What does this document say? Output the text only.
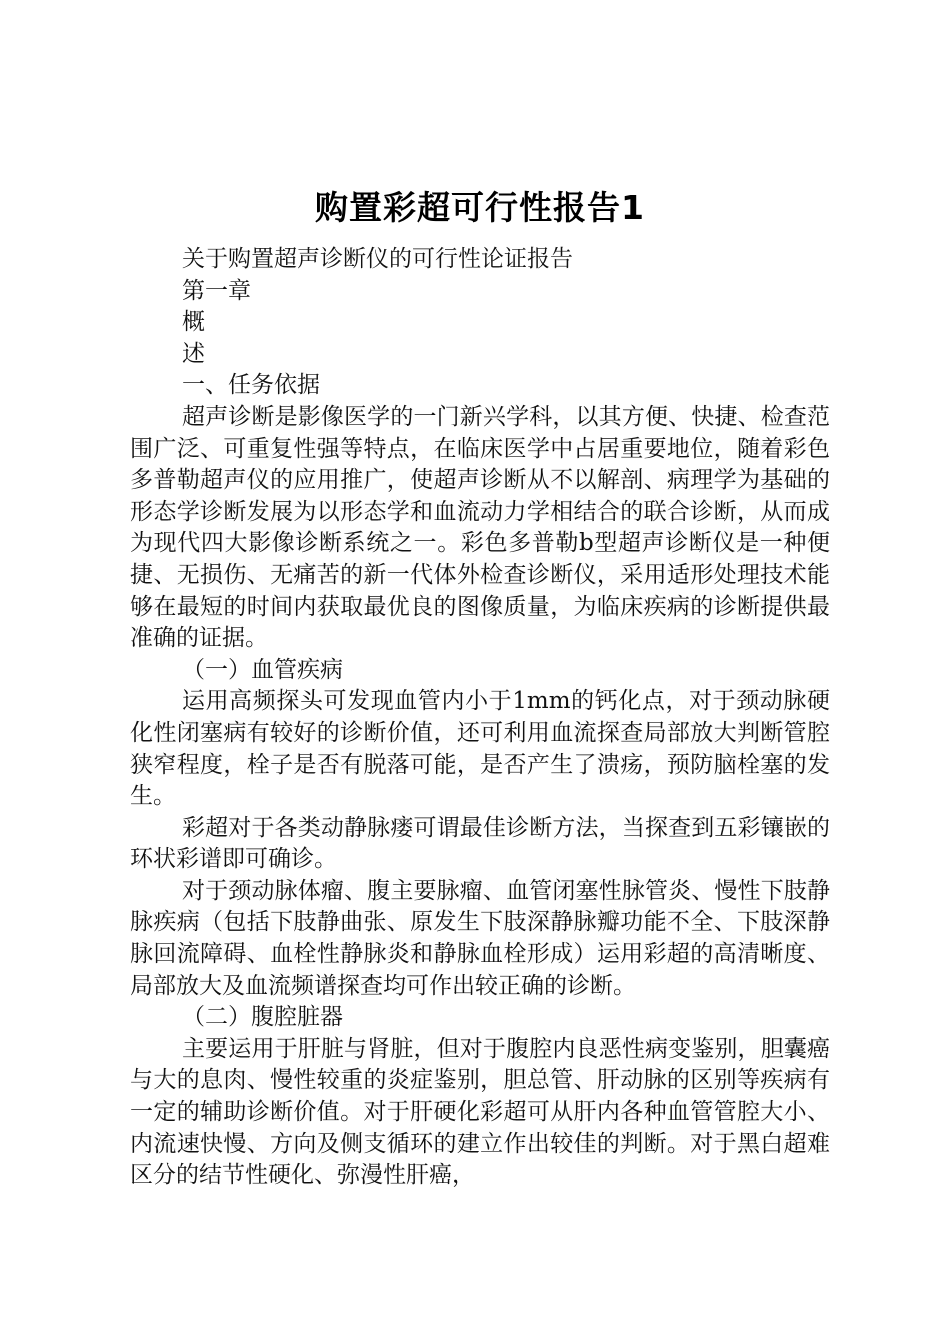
购置彩超可行性报告1

关于购置超声诊断仪的可行性论证报告

第一章

概

述

一、任务依据

超声诊断是影像医学的一门新兴学科，以其方便、快捷、检查范围广泛、可重复性强等特点，在临床医学中占居重要地位，随着彩色多普勒超声仪的应用推广，使超声诊断从不以解剖、病理学为基础的形态学诊断发展为以形态学和血流动力学相结合的联合诊断，从而成为现代四大影像诊断系统之一。彩色多普勒b型超声诊断仪是一种便捷、无损伤、无痛苦的新一代体外检查诊断仪，采用适形处理技术能够在最短的时间内获取最优良的图像质量，为临床疾病的诊断提供最准确的证据。

（一）血管疾病

运用高频探头可发现血管内小于1mm的钙化点，对于颈动脉硬化性闭塞病有较好的诊断价值，还可利用血流探查局部放大判断管腔狭窄程度，栓子是否有脱落可能，是否产生了溃疡，预防脑栓塞的发生。

彩超对于各类动静脉瘘可谓最佳诊断方法，当探查到五彩镶嵌的环状彩谱即可确诊。

对于颈动脉体瘤、腹主要脉瘤、血管闭塞性脉管炎、慢性下肢静脉疾病（包括下肢静曲张、原发生下肢深静脉瓣功能不全、下肢深静脉回流障碍、血栓性静脉炎和静脉血栓形成）运用彩超的高清晰度、局部放大及血流频谱探查均可作出较正确的诊断。

（二）腹腔脏器

主要运用于肝脏与肾脏，但对于腹腔内良恶性病变鉴别，胆囊癌与大的息肉、慢性较重的炎症鉴别，胆总管、肝动脉的区别等疾病有一定的辅助诊断价值。对于肝硬化彩超可从肝内各种血管管腔大小、内流速快慢、方向及侧支循环的建立作出较佳的判断。对于黑白超难区分的结节性硬化、弥漫性肝癌，
